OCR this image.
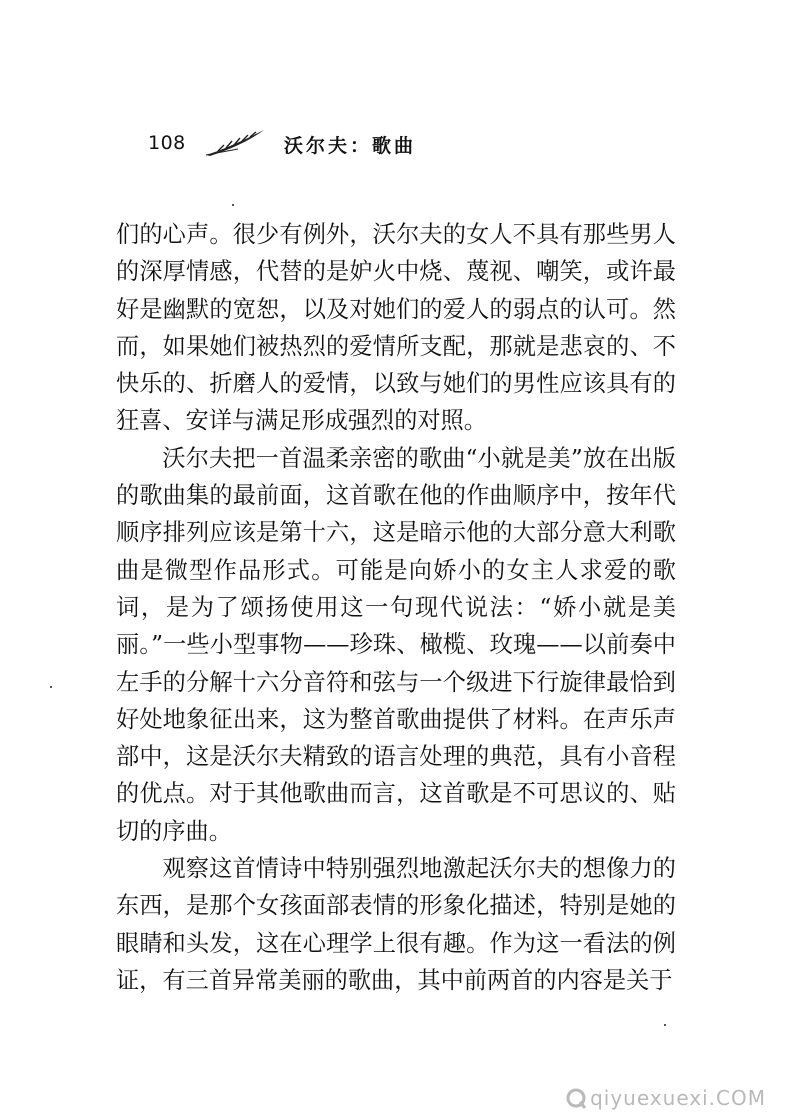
108	沃尔夫：歌曲

们的心声。很少有例外，沃尔夫的女人不具有那些男人的深厚情感，代替的是妒火中烧、蔑视、嘲笑，或许最好是幽默的宽恕，以及对她们的爱人的弱点的认可。然而，如果她们被热烈的爱情所支配，那就是悲哀的、不快乐的、折磨人的爱情，以致与她们的男性应该具有的狂喜、安详与满足形成强烈的对照。

沃尔夫把一首温柔亲密的歌曲“小就是美”放在出版的歌曲集的最前面，这首歌在他的作曲顺序中，按年代顺序排列应该是第十六，这是暗示他的大部分意大利歌曲是微型作品形式。可能是向娇小的女主人求爱的歌词，是为了颂扬使用这一句现代说法：“娇小就是美丽。”一些小型事物——珍珠、橄榄、玫瑰——以前奏中左手的分解十六分音符和弦与一个级进下行旋律最恰到好处地象征出来，这为整首歌曲提供了材料。在声乐声部中，这是沃尔夫精致的语言处理的典范，具有小音程的优点。对于其他歌曲而言，这首歌是不可思议的、贴切的序曲。

观察这首情诗中特别强烈地激起沃尔夫的想像力的东西，是那个女孩面部表情的形象化描述，特别是她的眼睛和头发，这在心理学上很有趣。作为这一看法的例证，有三首异常美丽的歌曲，其中前两首的内容是关于

qiyuexuexi.COM
